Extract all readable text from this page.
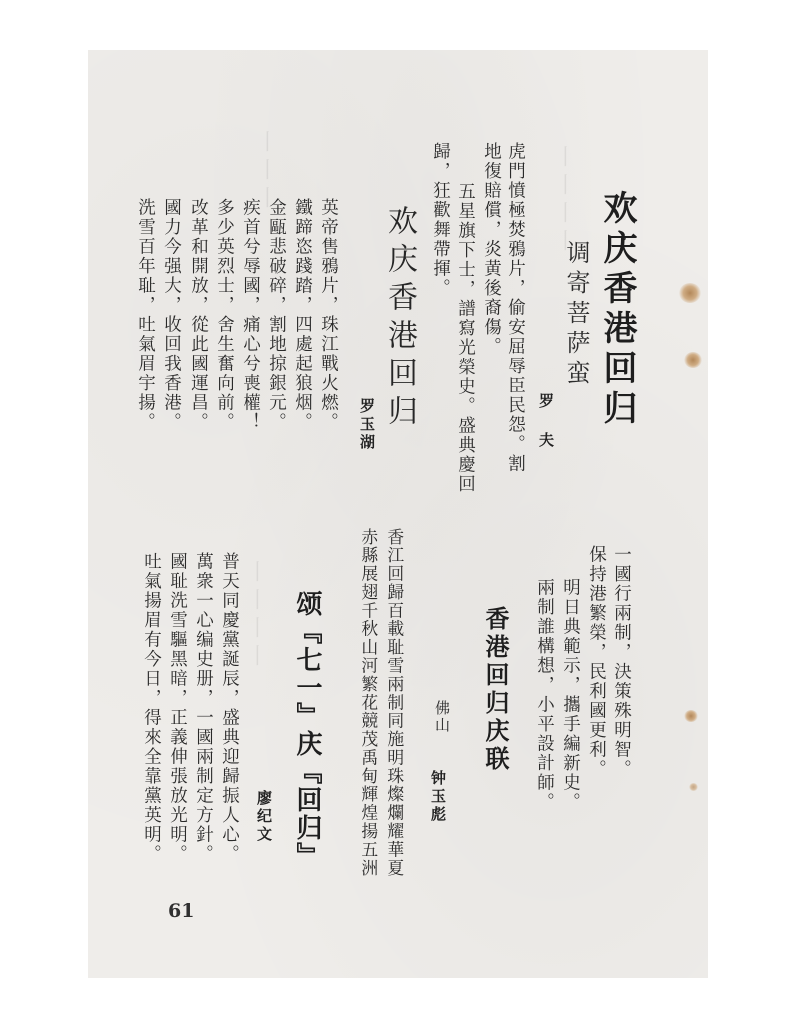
丨丨丨丨
丨丨丨
丨丨丨丨
欢庆香港回归
调寄菩萨蛮
罗 夫
虎門憤極焚鴉片，偷安屈辱臣民怨。割
地復賠償，炎黄後裔傷。
五星旗下士，譜寫光榮史。盛典慶回
歸，狂歡舞帶揮。
欢庆香港回归
罗玉湖
英帝售鴉片，珠江戰火燃。
鐵蹄恣踐踏，四處起狼烟。
金甌悲破碎，割地掠銀元。
疾首兮辱國，痛心兮喪權！
多少英烈士，舍生奮向前。
改革和開放，從此國運昌。
國力今强大，收回我香港。
洗雪百年耻，吐氣眉宇揚。
一國行兩制，決策殊明智。
保持港繁榮，民利國更利。
明日典範示，攜手編新史。
兩制誰構想，小平設計師。
香港回归庆联
佛山
钟玉彪
香江回歸百載耻雪兩制同施明珠燦爛耀華夏
赤縣展翅千秋山河繁花競茂禹甸輝煌揚五洲
颂『七一』庆『回归』
廖纪文
普天同慶黨誕辰，盛典迎歸振人心。
萬衆一心编史册，一國兩制定方針。
國耻洗雪驅黑暗，正義伸張放光明。
吐氣揚眉有今日，得來全靠黨英明。
61
